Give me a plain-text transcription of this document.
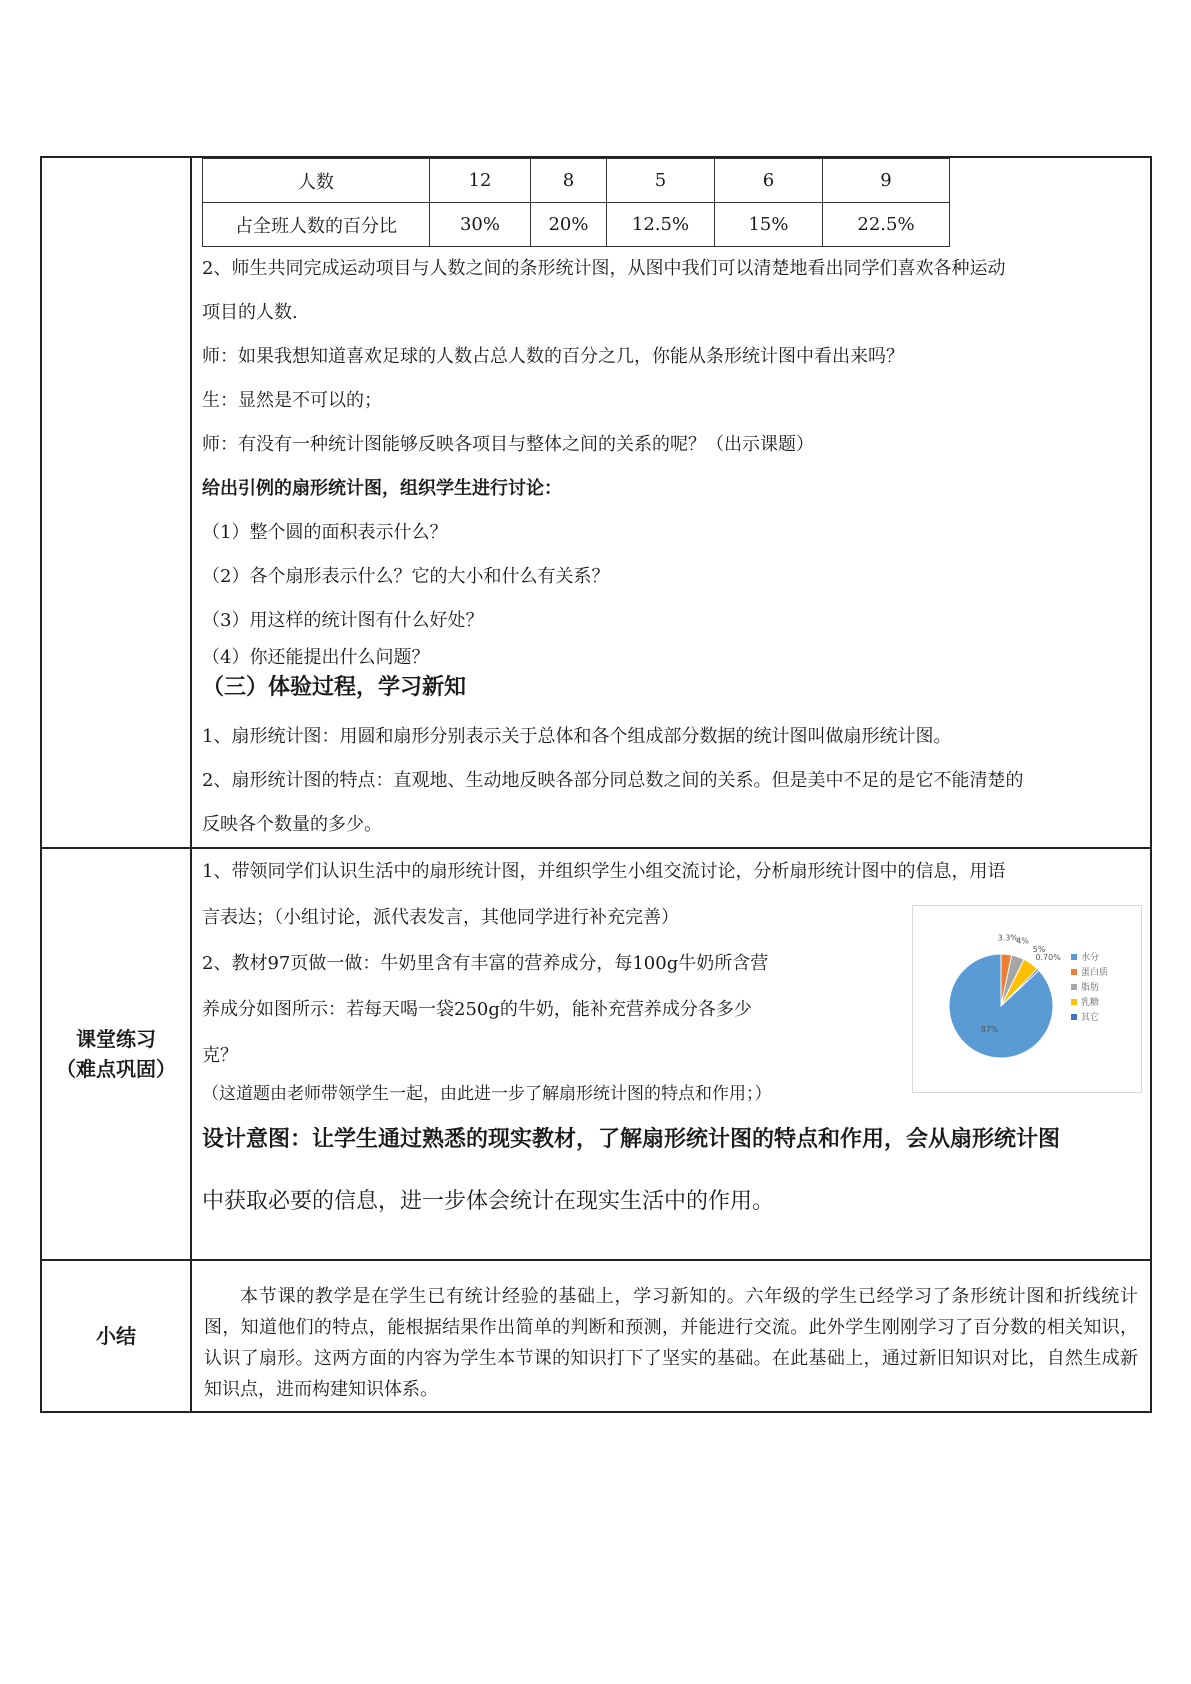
人数	12	8	5	6	9
占全班人数的百分比	30%	20%	12.5%	15%	22.5%
2、师生共同完成运动项目与人数之间的条形统计图，从图中我们可以清楚地看出同学们喜欢各种运动
项目的人数.
师：如果我想知道喜欢足球的人数占总人数的百分之几，你能从条形统计图中看出来吗？
生：显然是不可以的；
师：有没有一种统计图能够反映各项目与整体之间的关系的呢？（出示课题）
给出引例的扇形统计图，组织学生进行讨论：
（1）整个圆的面积表示什么？
（2）各个扇形表示什么？它的大小和什么有关系？
（3）用这样的统计图有什么好处？
（4）你还能提出什么问题？
（三）体验过程，学习新知
1、扇形统计图：用圆和扇形分别表示关于总体和各个组成部分数据的统计图叫做扇形统计图。
2、扇形统计图的特点：直观地、生动地反映各部分同总数之间的关系。但是美中不足的是它不能清楚的
反映各个数量的多少。

课堂练习
（难点巩固）

1、带领同学们认识生活中的扇形统计图，并组织学生小组交流讨论，分析扇形统计图中的信息，用语
言表达；（小组讨论，派代表发言，其他同学进行补充完善）
2、教材97页做一做：牛奶里含有丰富的营养成分，每100g牛奶所含营
养成分如图所示：若每天喝一袋250g的牛奶，能补充营养成分各多少
克？
（这道题由老师带领学生一起，由此进一步了解扇形统计图的特点和作用；）
设计意图：让学生通过熟悉的现实教材，了解扇形统计图的特点和作用，会从扇形统计图
中获取必要的信息，进一步体会统计在现实生活中的作用。
87%
3.3%
4%
5%
0.70% 水分
蛋白质
脂肪
乳糖
其它

小结	
本节课的教学是在学生已有统计经验的基础上，学习新知的。六年级的学生已经学习了条形统计图和折线统计图，知道他们的特点，能根据结果作出简单的判断和预测，并能进行交流。此外学生刚刚学习了百分数的相关知识，认识了扇形。这两方面的内容为学生本节课的知识打下了坚实的基础。在此基础上，通过新旧知识对比，自然生成新知识点，进而构建知识体系。
